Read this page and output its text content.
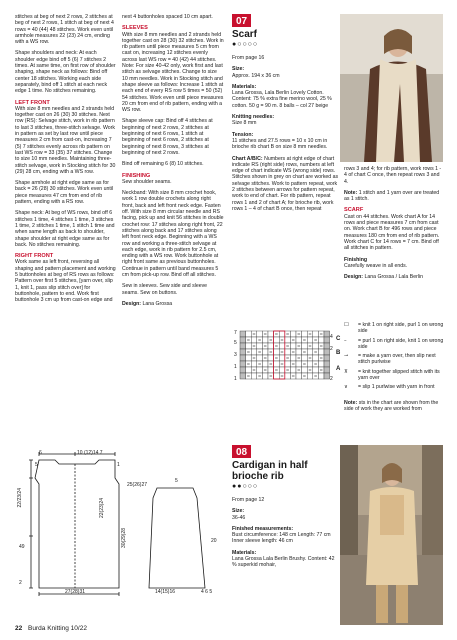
stitches at beg of next 2 rows, 2 stitches at beg of next 2 rows, 1 stitch at beg of next 4 rows = 40 (44) 48 stitches. Work even until armhole measures 22 (23) 24 cm, ending with a WS row.
Shape shoulders and neck: At each shoulder edge bind off 5 (6) 7 stitches 2 times. At same time, on first row of shoulder shaping, shape neck as follows: Bind off center 18 stitches. Working each side separately, bind off 1 stitch at each neck edge 1 time. No stitches remaining.
LEFT FRONT
With size 8 mm needles and 2 strands held together cast on 26 (30) 30 stitches. Next row (RS): Selvage stitch, work in rib pattern to last 3 stitches, three-stitch selvage. Work in pattern as set by last row until piece measures 2 cm from cast-on, increasing 7 (5) 7 stitches evenly across rib pattern on last WS row = 33 (35) 37 stitches. Change to size 10 mm needles. Maintaining three-stitch selvage, work in Stocking stitch for 30 (29) 28 cm, ending with a WS row.
Shape armhole at right edge same as for back = 26 (28) 30 stitches. Work even until piece measures 47 cm from end of rib pattern, ending with a RS row.
Shape neck: At beg of WS rows, bind off 6 stitches 1 time, 4 stitches 1 time, 3 stitches 1 time, 2 stitches 1 time, 1 stitch 1 time and when same length as back to shoulder, shape shoulder at right edge same as for back. No stitches remaining.
RIGHT FRONT
Work same as left front, reversing all shaping and pattern placement and working 5 buttonholes at beg of RS rows as follows: Pattern over first 5 stitches, [yarn over, slip 1, knit 1, pass slip stitch over] for buttonhole, pattern to end. Work first buttonhole 3 cm up from cast-on edge and
next 4 buttonholes spaced 10 cm apart.
SLEEVES
With size 8 mm needles and 2 strands held together cast on 28 (30) 32 stitches. Work in rib pattern until piece measures 5 cm from cast on, increasing 12 stitches evenly across last WS row = 40 (42) 44 stitches. Note: For size 40-42 only, work first and last stitch as selvage stitches. Change to size 10 mm needles. Work in Stocking stitch and shape sleeve as follows: Increase 1 stitch at each end of every RS row 5 times = 50 (52) 54 stitches. Work even until piece measures 20 cm from end of rib pattern, ending with a WS row.
Shape sleeve cap: Bind off 4 stitches at beginning of next 2 rows, 2 stitches at beginning of next 6 rows, 1 stitch at beginning of next 6 rows, 2 stitches at beginning of next 8 rows, 3 stitches at beginning of next 2 rows.
Bind off remaining 6 (8) 10 stitches.
FINISHING
Sew shoulder seams.
Neckband: With size 8 mm crochet hook, work 1 row double crochets along right front, back and left front neck edge. Fasten off. With size 8 mm circular needle and RS facing, pick up and knit 56 stitches in double crochet row: 17 stitches along right front, 22 stitches along back and 17 stitches along left front neck edge. Beginning with a WS row and working a three-stitch selvage at each edge, work in rib pattern for 2.5 cm, ending with a WS row. Work buttonhole at right front same as previous buttonholes. Continue in pattern until band measures 5 cm from pick-up row. Bind off all stitches.
Sew in sleeves. Sew side and sleeve seams. Sew on buttons.
Design: Lana Grossa
07
Scarf
●○○○○
From page 16
Size:
Approx. 194 x 36 cm
Materials:
Lana Grossa, Lala Berlin Lovely Cotton. Content: 75 % extra fine merino wool, 25 % cotton. 50 g = 90 m. 8 balls – col 27 beige
Knitting needles:
Size 8 mm
Tension:
11 stitches and 27.5 rows = 10 x 10 cm in brioche rib chart B on size 8 mm needles.
Chart A/B/C: Numbers at right edge of chart indicate RS (right side) rows, numbers at left edge of chart indicate WS (wrong side) rows. Stitches shown in grey on chart are worked as selvage stitches. Work to pattern repeat, work 2 stitches between arrows for pattern repeat, work to end of chart. For rib pattern, repeat rows 1 and 2 of chart A; for brioche rib, work rows 1 – 4 of chart B once, then repeat
rows 3 and 4; for rib pattern, work rows 1 - 4 of chart C once, then repeat rows 3 and 4.
Note: 1 stitch and 1 yarn over are treated as 1 stitch.
SCARF
Cast on 44 stitches. Work chart A for 14 rows and piece measures 7 cm from cast on. Work chart B for 496 rows and piece measures 180 cm from end of rib pattern. Work chart C for 14 rows = 7 cm. Bind off all stitches in pattern.
Finishing
Carefully weave in all ends.
Design: Lana Grossa / Lala Berlin
7
5
3
1
4
2
C
B
A
1	2
☐	= knit 1 on right side, purl 1 on wrong side
–	= purl 1 on right side, knit 1 on wrong side
⊸	= make a yarn over, then slip next stitch purlwise
⊼	= knit together slipped stitch with its yarn over
∨	= slip 1 purlwise with yarn in front
Note: sts in the chart are shown from the side of work they are worked from
08
Cardigan in half brioche rib
●●○○○
From page 12
Size:
36-46
Finished measurements:
Bust circumference: 148 cm Length: 77 cm Inner sleeve length: 46 cm
Materials:
Lana Grossa Lala Berlin Brushy. Content: 42 % superkid mohair,
6	10 (12)14 7
5	1
22/23/24
49
2
25(26)27
30(29)28
22(23)24
27(28)31	14(15)16
5
20
4 6 5
22 Burda Knitting 10/22
